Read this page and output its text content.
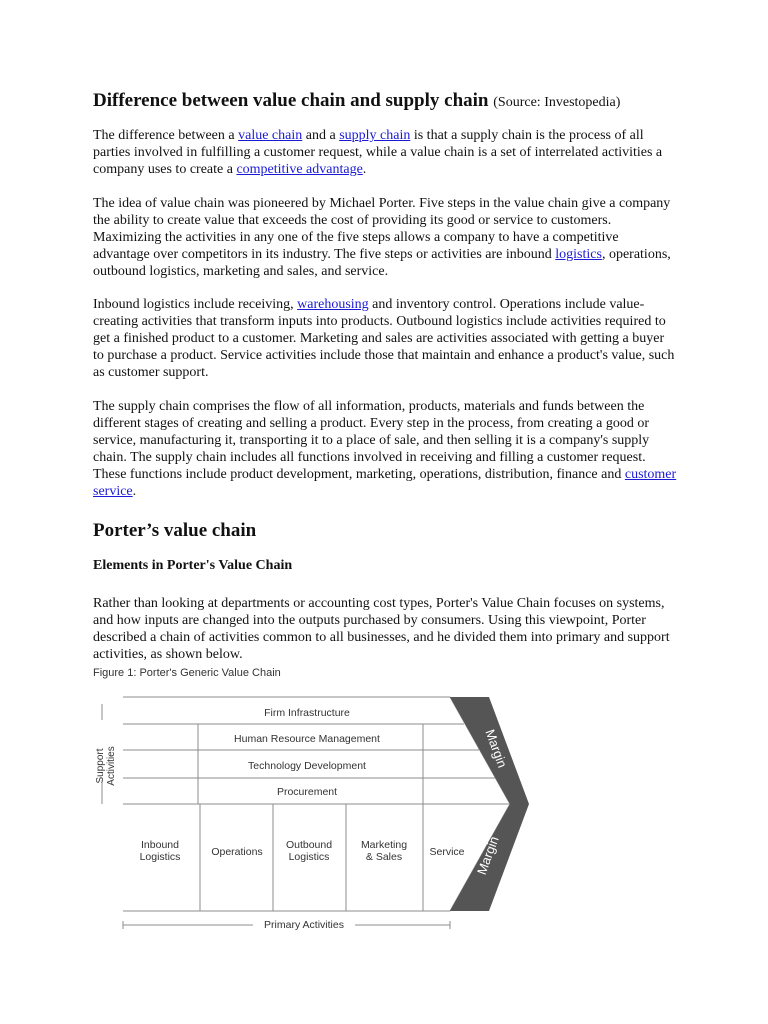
Difference between value chain and supply chain (Source: Investopedia)

The difference between a value chain and a supply chain is that a supply chain is the process of all parties involved in fulfilling a customer request, while a value chain is a set of interrelated activities a company uses to create a competitive advantage.

The idea of value chain was pioneered by Michael Porter. Five steps in the value chain give a company the ability to create value that exceeds the cost of providing its good or service to customers. Maximizing the activities in any one of the five steps allows a company to have a competitive advantage over competitors in its industry. The five steps or activities are inbound logistics, operations, outbound logistics, marketing and sales, and service.

Inbound logistics include receiving, warehousing and inventory control. Operations include value-creating activities that transform inputs into products. Outbound logistics include activities required to get a finished product to a customer. Marketing and sales are activities associated with getting a buyer to purchase a product. Service activities include those that maintain and enhance a product's value, such as customer support.

The supply chain comprises the flow of all information, products, materials and funds between the different stages of creating and selling a product. Every step in the process, from creating a good or service, manufacturing it, transporting it to a place of sale, and then selling it is a company's supply chain. The supply chain includes all functions involved in receiving and filling a customer request. These functions include product development, marketing, operations, distribution, finance and customer service.

Porter’s value chain
Elements in Porter's Value Chain

Rather than looking at departments or accounting cost types, Porter's Value Chain focuses on systems, and how inputs are changed into the outputs purchased by consumers. Using this viewpoint, Porter described a chain of activities common to all businesses, and he divided them into primary and support activities, as shown below.

Figure 1: Porter's Generic Value Chain
Support Activities
Firm Infrastructure
Human Resource Management
Technology Development
Procurement
Inbound
Logistics	Operations
Outbound
Logistics
Marketing
& Sales	Service
Margin
Margin
Primary Activities
